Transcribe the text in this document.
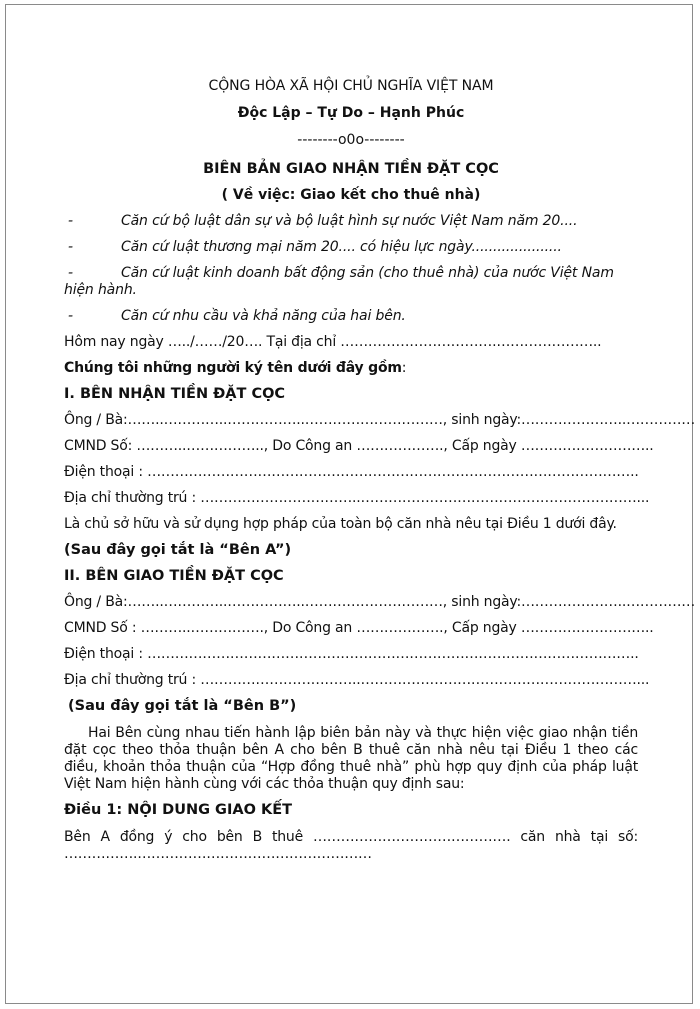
CỘNG HÒA XÃ HỘI CHỦ NGHĨA VIỆT NAM
Độc Lập – Tự Do – Hạnh Phúc
--------o0o--------
BIÊN BẢN GIAO NHẬN TIỀN ĐẶT CỌC
( Về việc: Giao kết cho thuê nhà)
-	Căn cứ bộ luật dân sự và bộ luật hình sự nước Việt Nam năm 20....
-	Căn cứ luật thương mại năm 20.... có hiệu lực ngày.....................
-	Căn cứ luật kinh doanh bất động sản (cho thuê nhà) của nước Việt Nam hiện hành.
-	Căn cứ nhu cầu và khả năng của hai bên.
Hôm nay ngày …../……/20…. Tại địa chỉ …………………………….…………………..
Chúng tôi những người ký tên dưới đây gồm:
I. BÊN NHẬN TIỀN ĐẶT CỌC
Ông / Bà:……..…………..……………..…………………………, sinh ngày:…………………..……………
CMND Số: ………..…………….., Do Công an ………………., Cấp ngày ………………………..
Điện thoại : ……………………………………………………………………………………………..
Địa chỉ thường trú : ……………………………..……………………………………………………...
Là chủ sở hữu và sử dụng hợp pháp của toàn bộ căn nhà nêu tại Điều 1 dưới đây.
(Sau đây gọi tắt là “Bên A”)
II. BÊN GIAO TIỀN ĐẶT CỌC
Ông / Bà:……..…………..……………..…………………………, sinh ngày:…………………..……………
CMND Số : ………..……………., Do Công an ………………., Cấp ngày ………………………..
Điện thoại : ……………………………………………………………………………………………..
Địa chỉ thường trú : ……………………………..……………………………………………………...
(Sau đây gọi tắt là “Bên B”)
Hai Bên cùng nhau tiến hành lập biên bản này và thực hiện việc giao nhận tiền đặt cọc theo thỏa thuận bên A cho bên B thuê căn nhà nêu tại Điều 1 theo các điều, khoản thỏa thuận của “Hợp đồng thuê nhà” phù hợp quy định của pháp luật Việt Nam hiện hành cùng với các thỏa thuận quy định sau:
Điều 1: NỘI DUNG GIAO KẾT
Bên A đồng ý cho bên B thuê ……………………………………. căn nhà tại số: …………….……………………………………………
